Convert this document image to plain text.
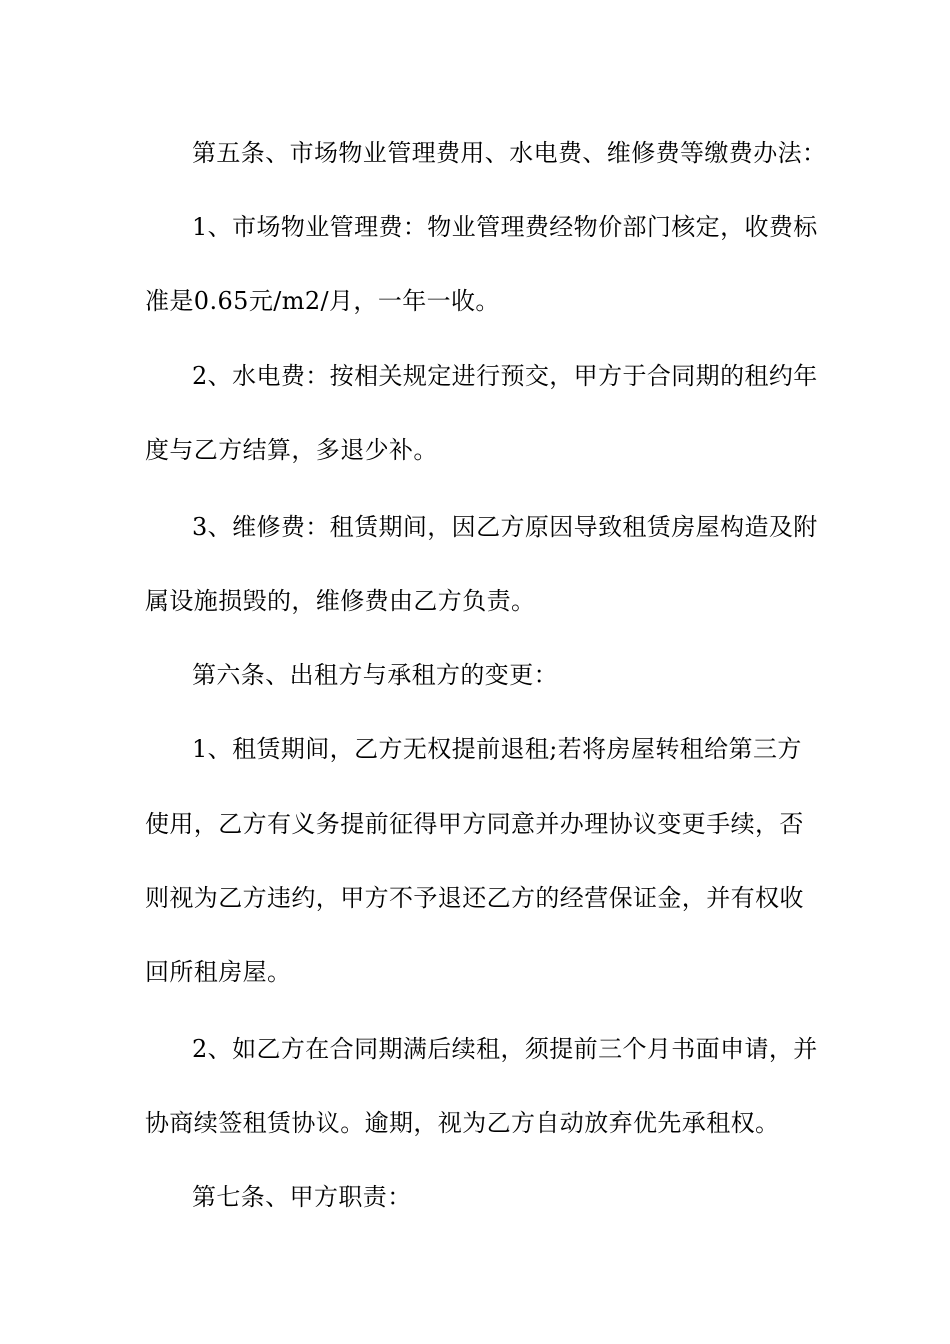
第五条、市场物业管理费用、水电费、维修费等缴费办法：
1、市场物业管理费：物业管理费经物价部门核定，收费标
准是0.65元/m2/月，一年一收。
2、水电费：按相关规定进行预交，甲方于合同期的租约年
度与乙方结算，多退少补。
3、维修费：租赁期间，因乙方原因导致租赁房屋构造及附
属设施损毁的，维修费由乙方负责。
第六条、出租方与承租方的变更：
1、租赁期间，乙方无权提前退租;若将房屋转租给第三方
使用，乙方有义务提前征得甲方同意并办理协议变更手续，否
则视为乙方违约，甲方不予退还乙方的经营保证金，并有权收
回所租房屋。
2、如乙方在合同期满后续租，须提前三个月书面申请，并
协商续签租赁协议。逾期，视为乙方自动放弃优先承租权。
第七条、甲方职责：
